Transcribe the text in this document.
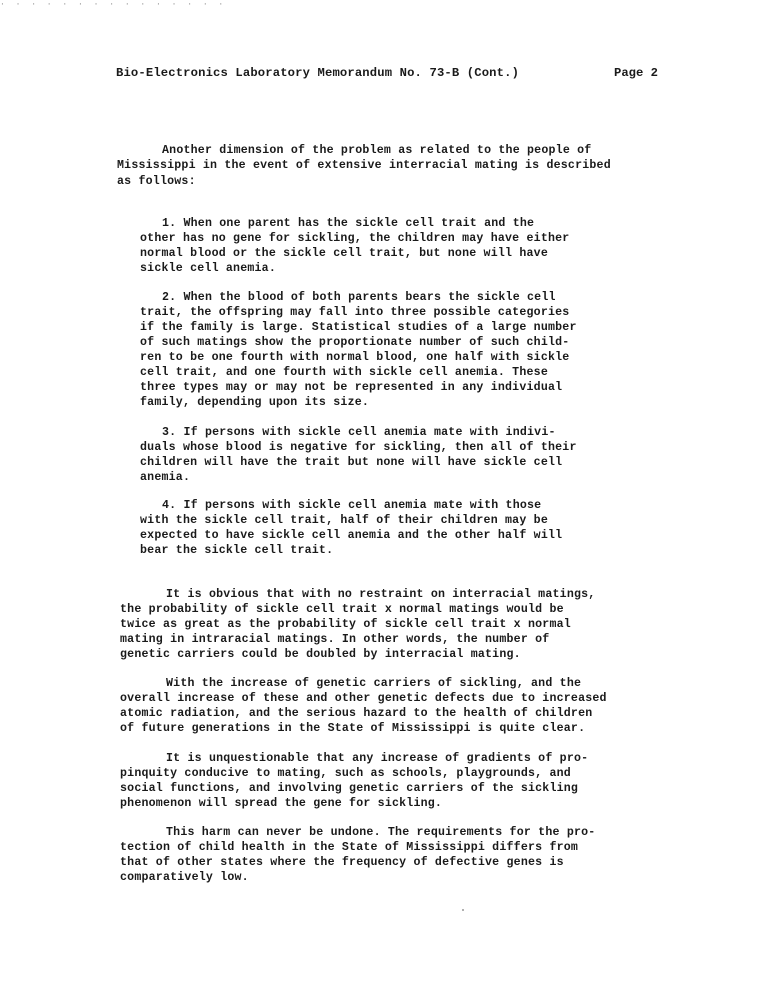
· · · · · · · · · · · · · · ·
Bio-Electronics Laboratory Memorandum No. 73-B (Cont.)	Page 2
Another dimension of the problem as related to the people of
Mississippi in the event of extensive interracial mating is described
as follows:
1. When one parent has the sickle cell trait and the
other has no gene for sickling, the children may have either
normal blood or the sickle cell trait, but none will have
sickle cell anemia.
2. When the blood of both parents bears the sickle cell
trait, the offspring may fall into three possible categories
if the family is large. Statistical studies of a large number
of such matings show the proportionate number of such child-
ren to be one fourth with normal blood, one half with sickle
cell trait, and one fourth with sickle cell anemia. These
three types may or may not be represented in any individual
family, depending upon its size.
3. If persons with sickle cell anemia mate with indivi-
duals whose blood is negative for sickling, then all of their
children will have the trait but none will have sickle cell
anemia.
4. If persons with sickle cell anemia mate with those
with the sickle cell trait, half of their children may be
expected to have sickle cell anemia and the other half will
bear the sickle cell trait.
It is obvious that with no restraint on interracial matings,
the probability of sickle cell trait x normal matings would be
twice as great as the probability of sickle cell trait x normal
mating in intraracial matings. In other words, the number of
genetic carriers could be doubled by interracial mating.
With the increase of genetic carriers of sickling, and the
overall increase of these and other genetic defects due to increased
atomic radiation, and the serious hazard to the health of children
of future generations in the State of Mississippi is quite clear.
It is unquestionable that any increase of gradients of pro-
pinquity conducive to mating, such as schools, playgrounds, and
social functions, and involving genetic carriers of the sickling
phenomenon will spread the gene for sickling.
This harm can never be undone. The requirements for the pro-
tection of child health in the State of Mississippi differs from
that of other states where the frequency of defective genes is
comparatively low.
